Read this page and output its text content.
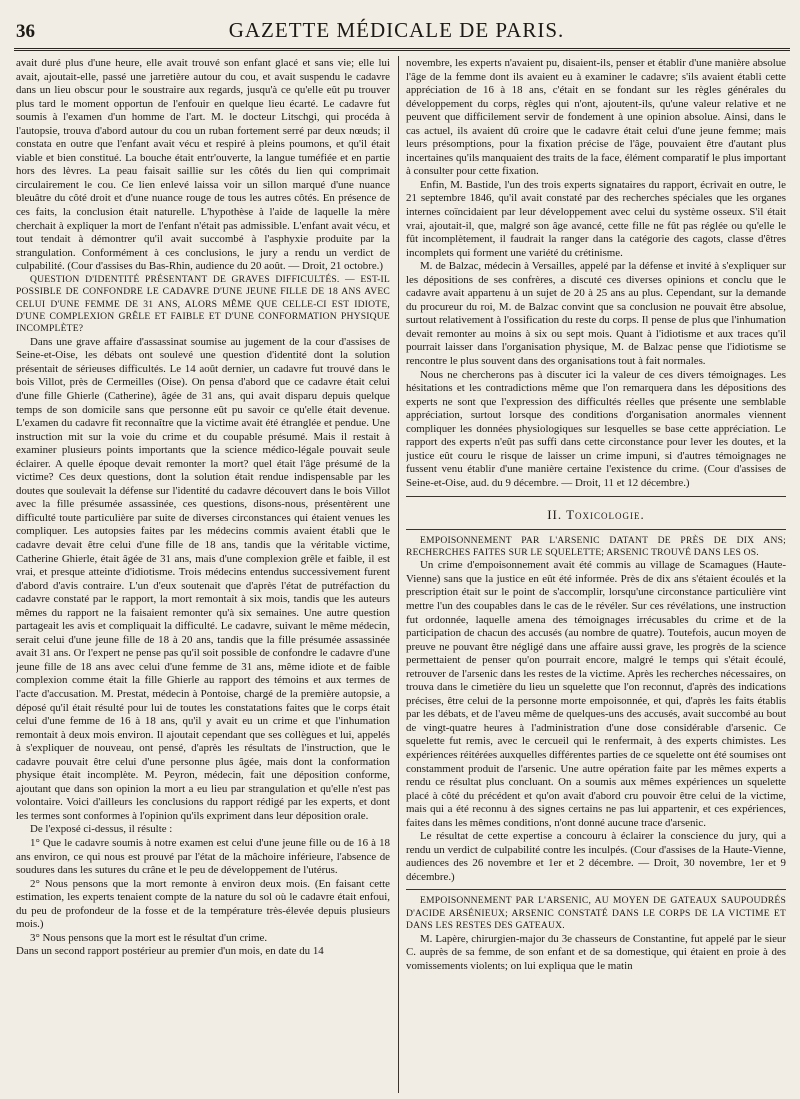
36	GAZETTE MÉDICALE DE PARIS.

avait duré plus d'une heure, elle avait trouvé son enfant glacé et sans vie; elle lui avait, ajoutait-elle, passé une jarretière autour du cou, et avait suspendu le cadavre dans un lieu obscur pour le soustraire aux regards, jusqu'à ce qu'elle eût pu trouver plus tard le moment opportun de l'enfouir en quelque lieu écarté. Le cadavre fut soumis à l'examen d'un homme de l'art. M. le docteur Litschgi, qui procéda à l'autopsie, trouva d'abord autour du cou un ruban fortement serré par deux nœuds; il constata en outre que l'enfant avait vécu et respiré à pleins poumons, et qu'il était viable et bien constitué. La bouche était entr'ouverte, la langue tuméfiée et en partie hors des lèvres. La peau faisait saillie sur les côtés du lien qui comprimait circulairement le cou. Ce lien enlevé laissa voir un sillon marqué d'une nuance bleuâtre du côté droit et d'une nuance rouge de tous les autres côtés. En présence de ces faits, la conclusion était naturelle. L'hypothèse à l'aide de laquelle la mère cherchait à expliquer la mort de l'enfant n'était pas admissible. L'enfant avait vécu, et tout tendait à démontrer qu'il avait succombé à l'asphyxie produite par la strangulation. Conformément à ces conclusions, le jury a rendu un verdict de culpabilité. (Cour d'assises du Bas-Rhin, audience du 20 août. — Droit, 21 octobre.)

QUESTION D'IDENTITÉ PRÉSENTANT DE GRAVES DIFFICULTÉS. — EST-IL POSSIBLE DE CONFONDRE LE CADAVRE D'UNE JEUNE FILLE DE 18 ANS AVEC CELUI D'UNE FEMME DE 31 ANS, ALORS MÊME QUE CELLE-CI EST IDIOTE, D'UNE COMPLEXION GRÊLE ET FAIBLE ET D'UNE CONFORMATION PHYSIQUE INCOMPLÈTE?

Dans une grave affaire d'assassinat soumise au jugement de la cour d'assises de Seine-et-Oise, les débats ont soulevé une question d'identité dont la solution présentait de sérieuses difficultés. Le 14 août dernier, un cadavre fut trouvé dans le bois Villot, près de Cermeilles (Oise). On pensa d'abord que ce cadavre était celui d'une fille Ghierle (Catherine), âgée de 31 ans, qui avait disparu depuis quelque temps de son domicile sans que personne eût pu savoir ce qu'elle était devenue. L'examen du cadavre fit reconnaître que la victime avait été étranglée et pendue. Une instruction mit sur la voie du crime et du coupable présumé. Mais il restait à examiner plusieurs points importants que la science médico-légale pouvait seule éclairer. A quelle époque devait remonter la mort? quel était l'âge présumé de la victime? Ces deux questions, dont la solution était rendue indispensable par les doutes que soulevait la défense sur l'identité du cadavre découvert dans le bois Villot avec la fille présumée assassinée, ces questions, disons-nous, présentèrent une difficulté toute particulière par suite de diverses circonstances qui étaient venues les compliquer. Les autopsies faites par les médecins commis avaient établi que le cadavre devait être celui d'une fille de 18 ans, tandis que la véritable victime, Catherine Ghierle, était âgée de 31 ans, mais d'une complexion grêle et faible, il est vrai, et presque atteinte d'idiotisme. Trois médecins entendus successivement furent d'abord d'avis contraire. L'un d'eux soutenait que d'après l'état de putréfaction du cadavre constaté par le rapport, la mort remontait à six mois, tandis que les auteurs mêmes du rapport ne la faisaient remonter qu'à six semaines. Une autre question partageait les avis et compliquait la difficulté. Le cadavre, suivant le même médecin, serait celui d'une jeune fille de 18 à 20 ans, tandis que la fille présumée assassinée avait 31 ans. Or l'expert ne pense pas qu'il soit possible de confondre le cadavre d'une jeune fille de 18 ans avec celui d'une femme de 31 ans, même idiote et de faible complexion comme était la fille Ghierle au rapport des témoins et aux termes de l'acte d'accusation. M. Prestat, médecin à Pontoise, chargé de la première autopsie, a déposé qu'il était résulté pour lui de toutes les constatations faites que le corps était celui d'une femme de 16 à 18 ans, qu'il y avait eu un crime et que l'inhumation remontait à deux mois environ. Il ajoutait cependant que ses collègues et lui, appelés à s'expliquer de nouveau, ont pensé, d'après les résultats de l'instruction, que le cadavre pouvait être celui d'une personne plus âgée, mais dont la conformation physique était incomplète. M. Peyron, médecin, fait une déposition conforme, ajoutant que dans son opinion la mort a eu lieu par strangulation et qu'elle n'est pas volontaire. Voici d'ailleurs les conclusions du rapport rédigé par les experts, et dont les termes sont conformes à l'opinion qu'ils expriment dans leur déposition orale.

De l'exposé ci-dessus, il résulte :

1° Que le cadavre soumis à notre examen est celui d'une jeune fille ou de 16 à 18 ans environ, ce qui nous est prouvé par l'état de la mâchoire inférieure, l'absence de soudures dans les sutures du crâne et le peu de développement de l'utérus.

2° Nous pensons que la mort remonte à environ deux mois. (En faisant cette estimation, les experts tenaient compte de la nature du sol où le cadavre était enfoui, du peu de profondeur de la fosse et de la température très-élevée depuis plusieurs mois.)

3° Nous pensons que la mort est le résultat d'un crime.

Dans un second rapport postérieur au premier d'un mois, en date du 14

novembre, les experts n'avaient pu, disaient-ils, penser et établir d'une manière absolue l'âge de la femme dont ils avaient eu à examiner le cadavre; s'ils avaient établi cette appréciation de 16 à 18 ans, c'était en se fondant sur les règles générales du développement du corps, règles qui n'ont, ajoutent-ils, qu'une valeur relative et ne peuvent que difficilement servir de fondement à une opinion absolue. Ainsi, dans le cas actuel, ils avaient dû croire que le cadavre était celui d'une jeune femme; mais leurs présomptions, pour la fixation précise de l'âge, pouvaient être d'autant plus incertaines qu'ils manquaient des traits de la face, élément comparatif le plus important à consulter pour cette fixation.

Enfin, M. Bastide, l'un des trois experts signataires du rapport, écrivait en outre, le 21 septembre 1846, qu'il avait constaté par des recherches spéciales que les organes internes coïncidaient par leur développement avec celui du système osseux. S'il était vrai, ajoutait-il, que, malgré son âge avancé, cette fille ne fût pas réglée ou qu'elle le fût incomplètement, il faudrait la ranger dans la catégorie des cagots, classe d'êtres incomplets qui forment une variété du crétinisme.

M. de Balzac, médecin à Versailles, appelé par la défense et invité à s'expliquer sur les dépositions de ses confrères, a discuté ces diverses opinions et conclu que le cadavre avait appartenu à un sujet de 20 à 25 ans au plus. Cependant, sur la demande du procureur du roi, M. de Balzac convint que sa conclusion ne pouvait être absolue, surtout relativement à l'ossification du reste du corps. Il pense de plus que l'inhumation devait remonter au moins à six ou sept mois. Quant à l'idiotisme et aux traces qu'il pourrait laisser dans l'organisation physique, M. de Balzac pense que l'idiotisme se rencontre le plus souvent dans des organisations tout à fait normales.

Nous ne chercherons pas à discuter ici la valeur de ces divers témoignages. Les hésitations et les contradictions même que l'on remarquera dans les dépositions des experts ne sont que l'expression des difficultés réelles que présente une semblable appréciation, surtout lorsque des conditions d'organisation anormales viennent compliquer les données physiologiques sur lesquelles se base cette appréciation. Le rapport des experts n'eût pas suffi dans cette circonstance pour lever les doutes, et la justice eût couru le risque de laisser un crime impuni, si d'autres témoignages ne fussent venu établir d'une manière certaine l'existence du crime. (Cour d'assises de Seine-et-Oise, aud. du 9 décembre. — Droit, 11 et 12 décembre.)

II. Toxicologie.

EMPOISONNEMENT PAR L'ARSENIC DATANT DE PRÈS DE DIX ANS; RECHERCHES FAITES SUR LE SQUELETTE; ARSENIC TROUVÉ DANS LES OS.

Un crime d'empoisonnement avait été commis au village de Scamagues (Haute-Vienne) sans que la justice en eût été informée. Près de dix ans s'étaient écoulés et la prescription était sur le point de s'accomplir, lorsqu'une circonstance particulière vint mettre l'un des coupables dans le cas de le révéler. Sur ces révélations, une instruction fut ordonnée, laquelle amena des témoignages irrécusables du crime et de la participation de chacun des accusés (au nombre de quatre). Toutefois, aucun moyen de preuve ne pouvant être négligé dans une affaire aussi grave, les progrès de la science permettaient de penser qu'on pourrait encore, malgré le temps qui s'était écoulé, retrouver de l'arsenic dans les restes de la victime. Après les recherches nécessaires, on trouva dans le cimetière du lieu un squelette que l'on reconnut, d'après des indications précises, être celui de la personne morte empoisonnée, et qui, d'après les faits établis par les débats, et de l'aveu même de quelques-uns des accusés, avait succombé au bout de vingt-quatre heures à l'administration d'une dose considérable d'arsenic. Ce squelette fut remis, avec le cercueil qui le renfermait, à des experts chimistes. Les expériences réitérées auxquelles différentes parties de ce squelette ont été soumises ont constamment produit de l'arsenic. Une autre opération faite par les mêmes experts a rendu ce résultat plus concluant. On a soumis aux mêmes expériences un squelette placé à côté du précédent et qu'on avait d'abord cru pouvoir être celui de la victime, mais qui a été reconnu à des signes certains ne pas lui appartenir, et ces expériences, faites dans les mêmes conditions, n'ont donné aucune trace d'arsenic.

Le résultat de cette expertise a concouru à éclairer la conscience du jury, qui a rendu un verdict de culpabilité contre les inculpés. (Cour d'assises de la Haute-Vienne, audiences des 26 novembre et 1er et 2 décembre. — Droit, 30 novembre, 1er et 9 décembre.)

EMPOISONNEMENT PAR L'ARSENIC, AU MOYEN DE GATEAUX SAUPOUDRÉS D'ACIDE ARSÉNIEUX; ARSENIC CONSTATÉ DANS LE CORPS DE LA VICTIME ET DANS LES RESTES DES GATEAUX.

M. Lapère, chirurgien-major du 3e chasseurs de Constantine, fut appelé par le sieur C. auprès de sa femme, de son enfant et de sa domestique, qui étaient en proie à des vomissements violents; on lui expliqua que le matin
